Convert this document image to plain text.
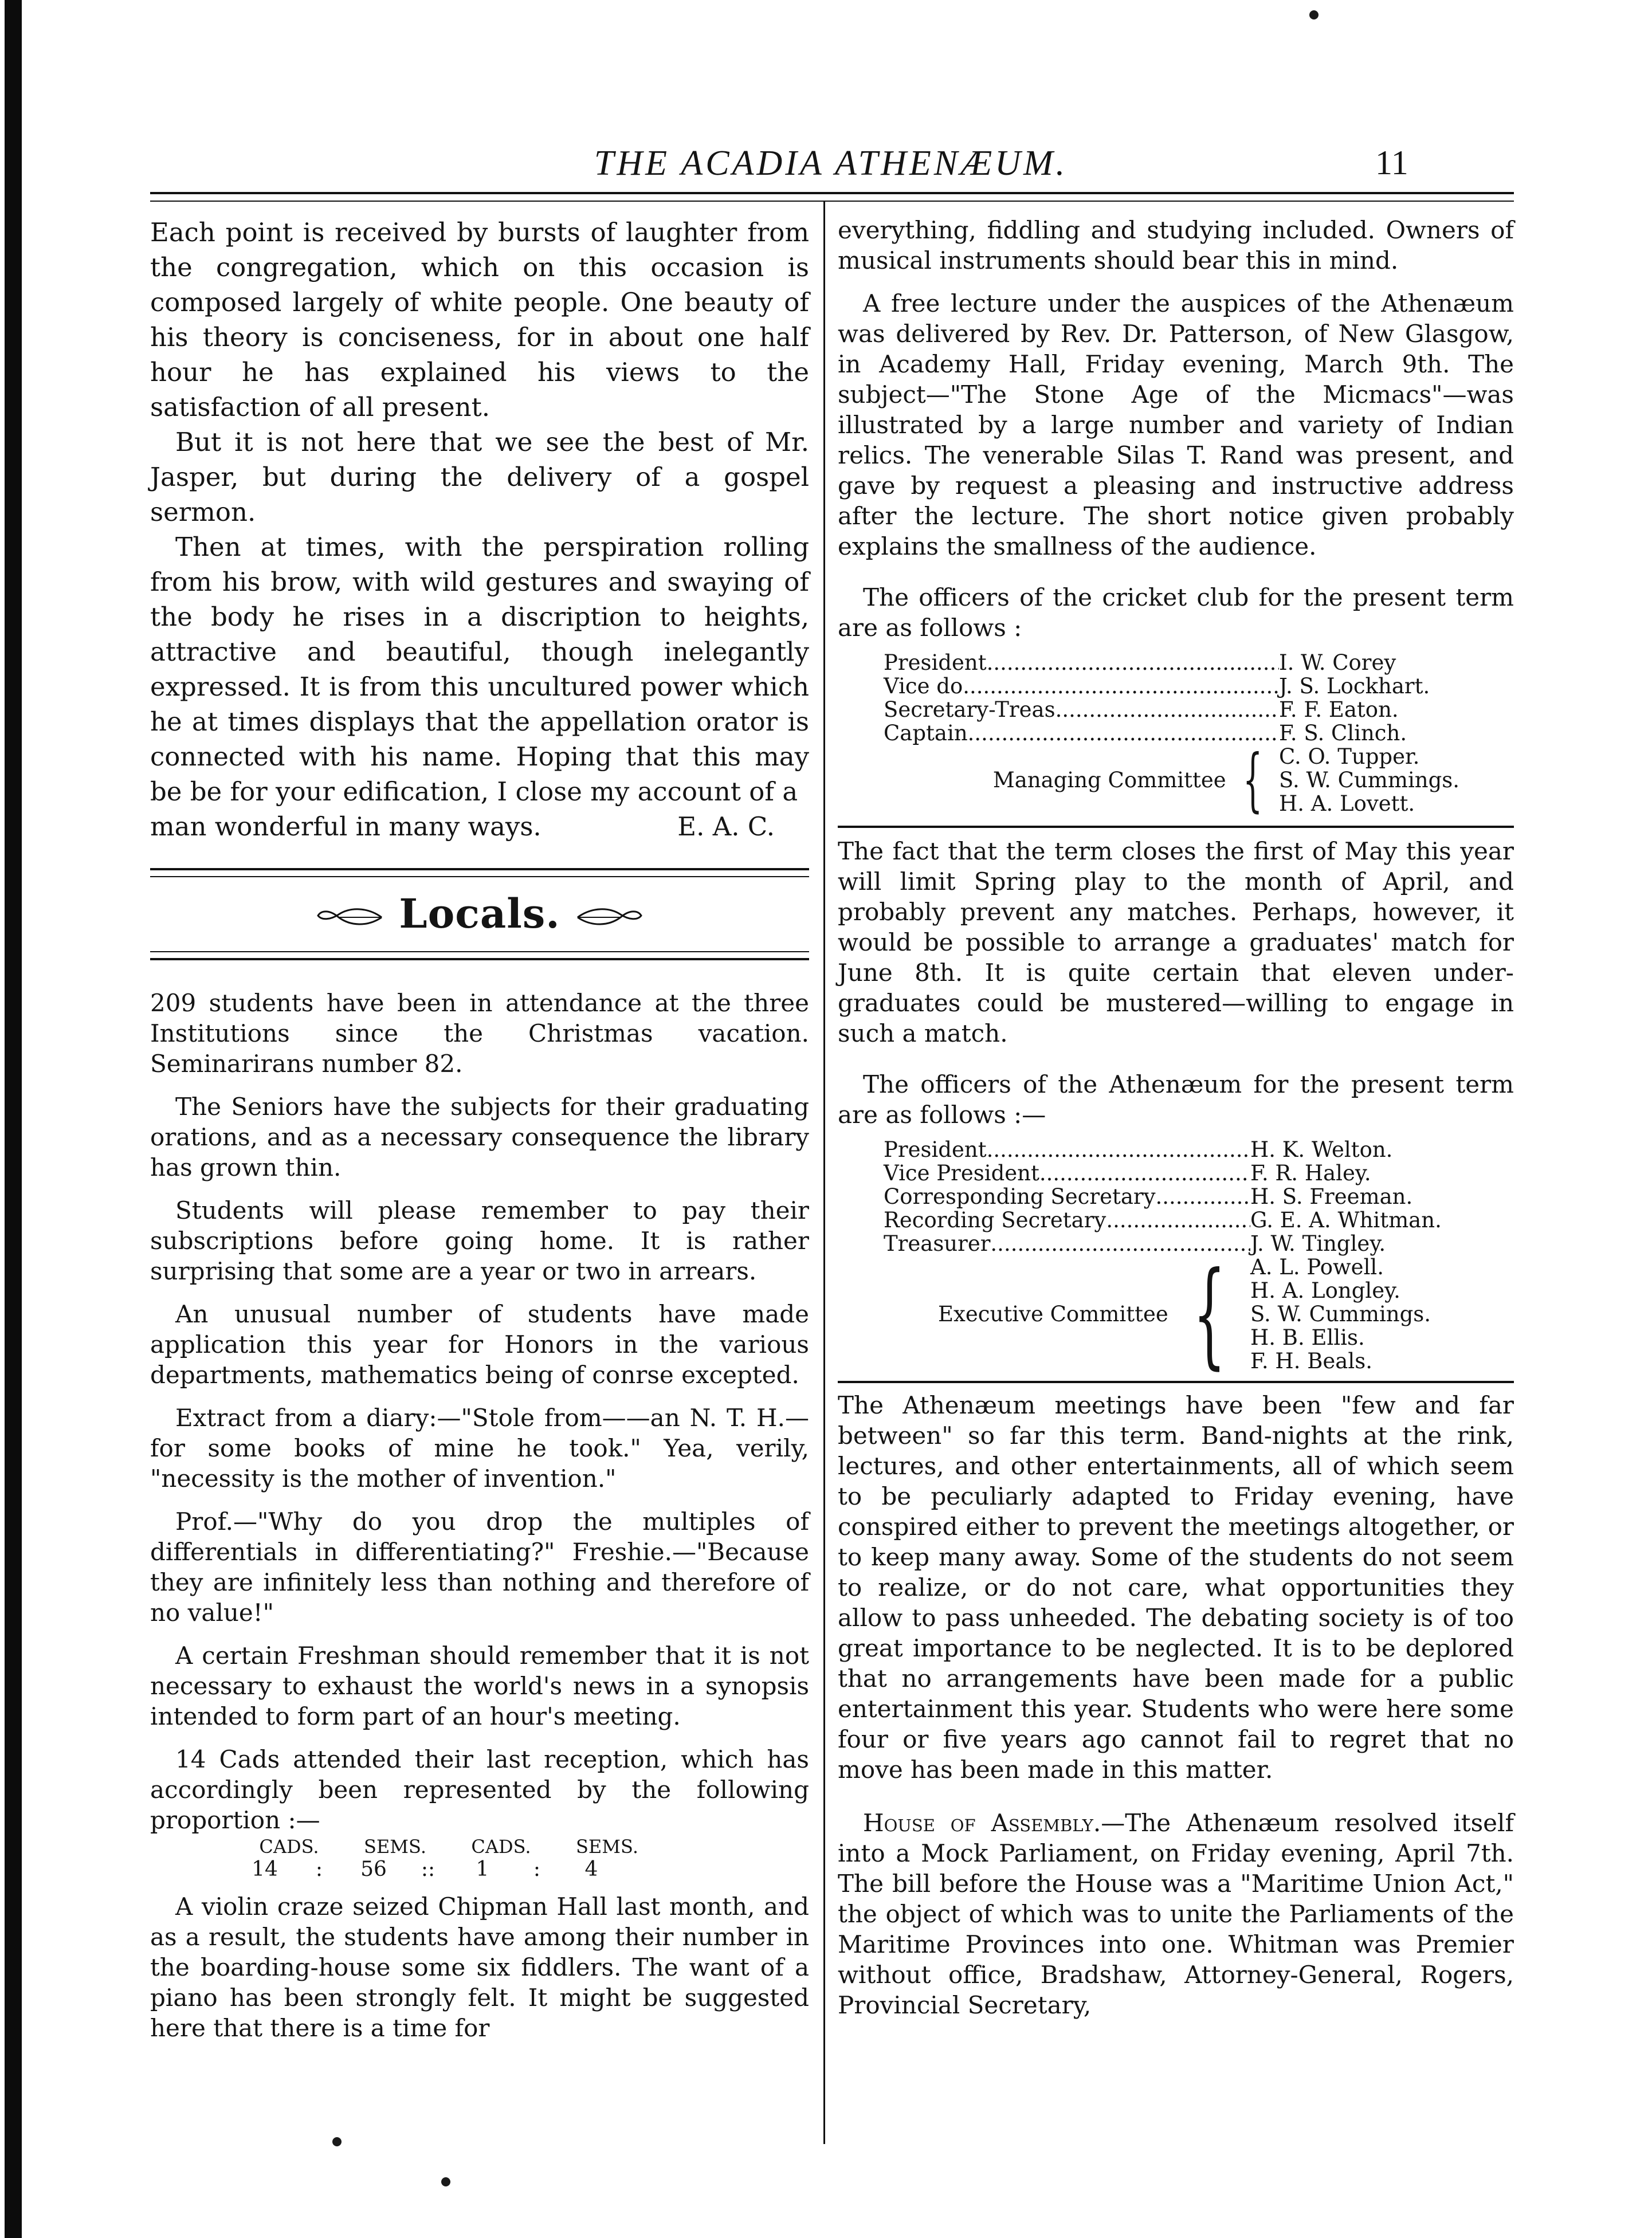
THE ACADIA ATHENÆUM.	11

Each point is received by bursts of laughter from the congregation, which on this occasion is composed largely of white people. One beauty of his theory is conciseness, for in about one half hour he has explained his views to the satisfaction of all present.

But it is not here that we see the best of Mr. Jasper, but during the delivery of a gospel sermon.

Then at times, with the perspiration rolling from his brow, with wild gestures and swaying of the body he rises in a discription to heights, attractive and beautiful, though inelegantly expressed. It is from this uncultured power which he at times displays that the appellation orator is connected with his name. Hoping that this may be be for your edification, I close my account of a

man wonderful in many ways.	E. A. C.
Locals.

209 students have been in attendance at the three Institutions since the Christmas vacation. Seminarirans number 82.

The Seniors have the subjects for their graduating orations, and as a necessary consequence the library has grown thin.

Students will please remember to pay their subscriptions before going home. It is rather surprising that some are a year or two in arrears.

An unusual number of students have made application this year for Honors in the various departments, mathematics being of conrse excepted.

Extract from a diary:—"Stole from——an N. T. H.—for some books of mine he took." Yea, verily, "necessity is the mother of invention."

Prof.—"Why do you drop the multiples of differentials in differentiating?" Freshie.—"Because they are infinitely less than nothing and therefore of no value!"

A certain Freshman should remember that it is not necessary to exhaust the world's news in a synopsis intended to form part of an hour's meeting.

14 Cads attended their last reception, which has accordingly been represented by the following proportion :—

CADS.	SEMS.	CADS.	SEMS.
14	:	56	::	1	:	4

A violin craze seized Chipman Hall last month, and as a result, the students have among their number in the boarding-house some six fiddlers. The want of a piano has been strongly felt. It might be suggested here that there is a time for

everything, fiddling and studying included. Owners of musical instruments should bear this in mind.

A free lecture under the auspices of the Athenæum was delivered by Rev. Dr. Patterson, of New Glasgow, in Academy Hall, Friday evening, March 9th. The subject—"The Stone Age of the Micmacs"—was illustrated by a large number and variety of Indian relics. The venerable Silas T. Rand was present, and gave by request a pleasing and instructive address after the lecture. The short notice given probably explains the smallness of the audience.

The officers of the cricket club for the present term are as follows :

President .....	I. W. Corey
Vice do .....	J. S. Lockhart.
Secretary-Treas .....	F. F. Eaton.
Captain .....	F. S. Clinch.
Managing Committee { C. O. Tupper.
S. W. Cummings.
H. A. Lovett.

The fact that the term closes the first of May this year will limit Spring play to the month of April, and probably prevent any matches. Perhaps, however, it would be possible to arrange a graduates' match for June 8th. It is quite certain that eleven under-graduates could be mustered—willing to engage in such a match.

The officers of the Athenæum for the present term are as follows :—

President .....	H. K. Welton.
Vice President .....	F. R. Haley.
Corresponding Secretary .....	H. S. Freeman.
Recording Secretary .....	G. E. A. Whitman.
Treasurer .....	J. W. Tingley.
Executive Committee { A. L. Powell.
H. A. Longley.
S. W. Cummings.
H. B. Ellis.
F. H. Beals.

The Athenæum meetings have been "few and far between" so far this term. Band-nights at the rink, lectures, and other entertainments, all of which seem to be peculiarly adapted to Friday evening, have conspired either to prevent the meetings altogether, or to keep many away. Some of the students do not seem to realize, or do not care, what opportunities they allow to pass unheeded. The debating society is of too great importance to be neglected. It is to be deplored that no arrangements have been made for a public entertainment this year. Students who were here some four or five years ago cannot fail to regret that no move has been made in this matter.

House of Assembly.—The Athenæum resolved itself into a Mock Parliament, on Friday evening, April 7th. The bill before the House was a "Maritime Union Act," the object of which was to unite the Parliaments of the Maritime Provinces into one. Whitman was Premier without office, Bradshaw, Attorney-General, Rogers, Provincial Secretary,
